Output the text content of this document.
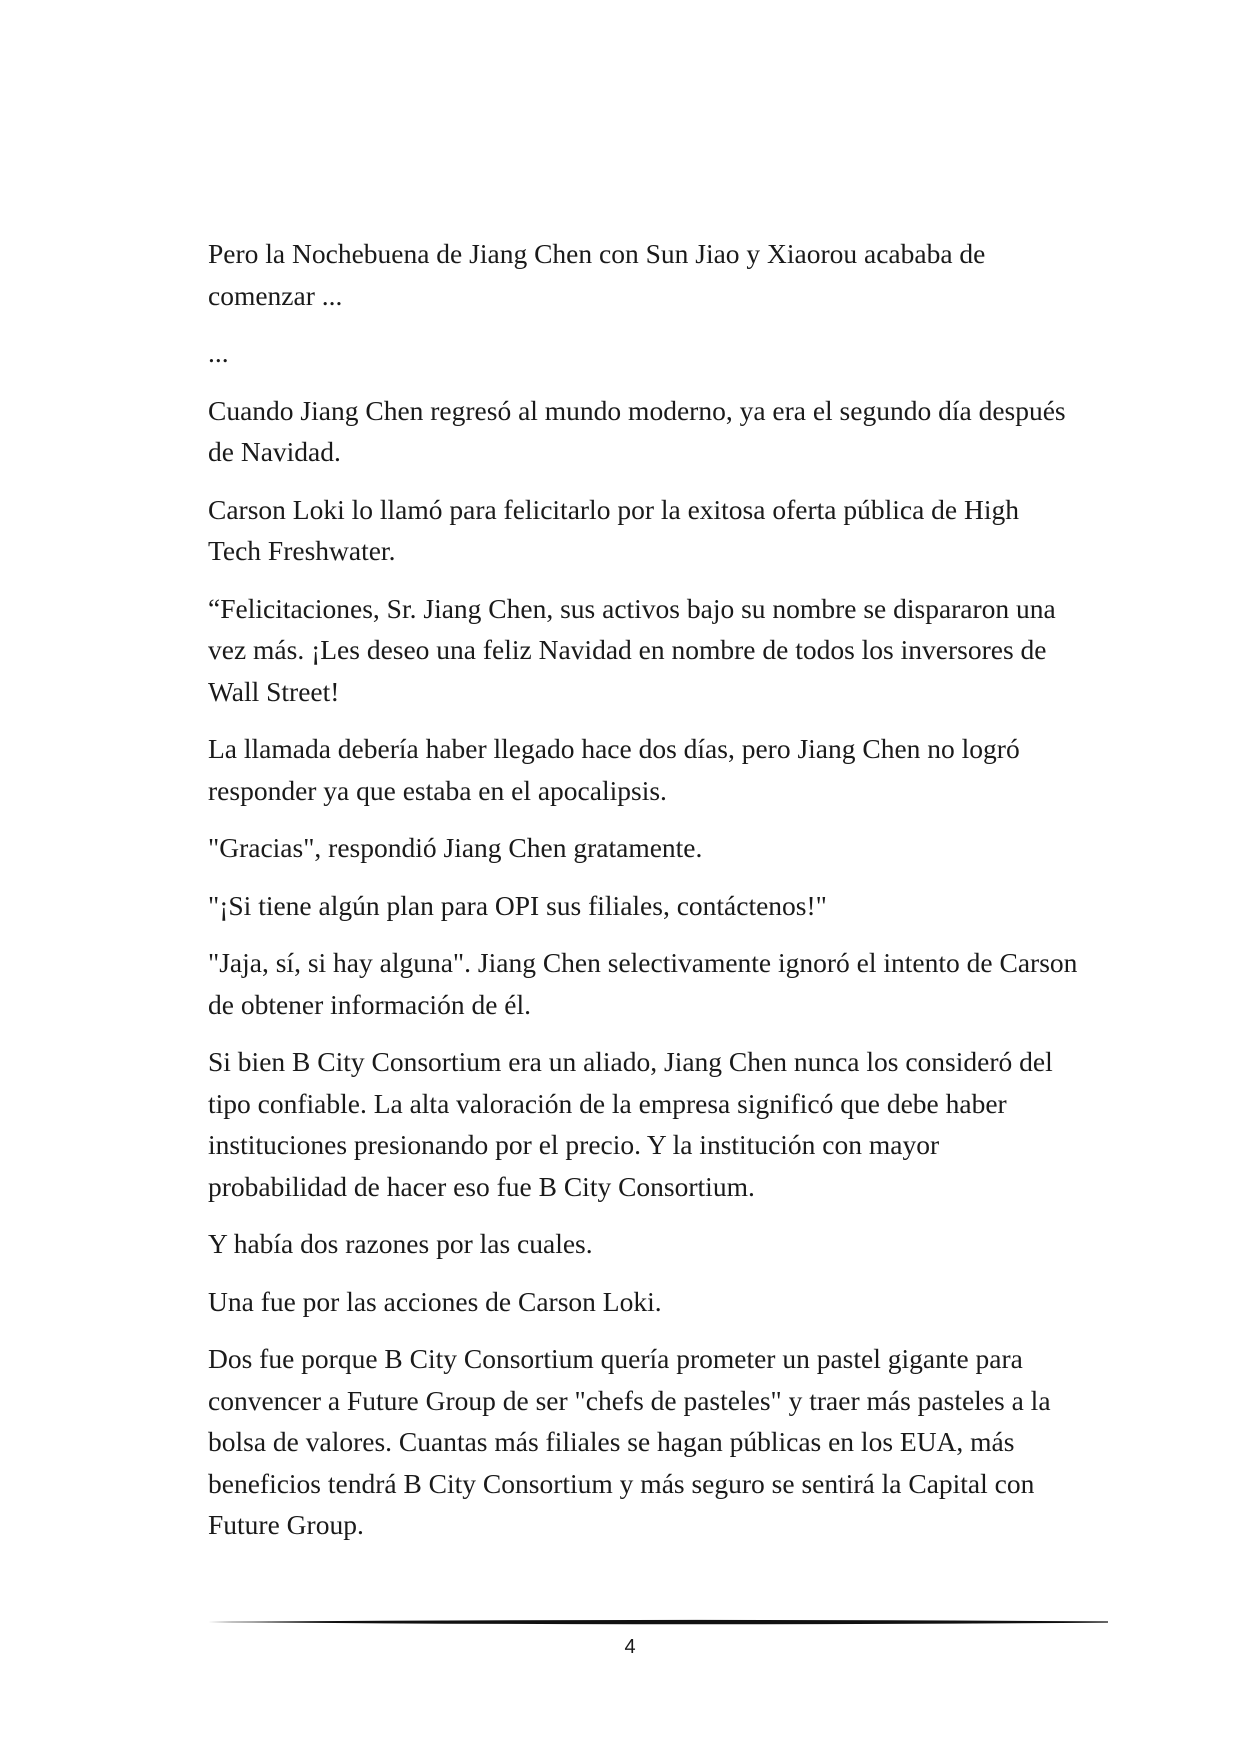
Pero la Nochebuena de Jiang Chen con Sun Jiao y Xiaorou acababa de comenzar ...

...

Cuando Jiang Chen regresó al mundo moderno, ya era el segundo día después de Navidad.

Carson Loki lo llamó para felicitarlo por la exitosa oferta pública de High Tech Freshwater.

“Felicitaciones, Sr. Jiang Chen, sus activos bajo su nombre se dispararon una vez más. ¡Les deseo una feliz Navidad en nombre de todos los inversores de Wall Street!

La llamada debería haber llegado hace dos días, pero Jiang Chen no logró responder ya que estaba en el apocalipsis.

"Gracias", respondió Jiang Chen gratamente.

"¡Si tiene algún plan para OPI sus filiales, contáctenos!"

"Jaja, sí, si hay alguna". Jiang Chen selectivamente ignoró el intento de Carson de obtener información de él.

Si bien B City Consortium era un aliado, Jiang Chen nunca los consideró del tipo confiable. La alta valoración de la empresa significó que debe haber instituciones presionando por el precio. Y la institución con mayor probabilidad de hacer eso fue B City Consortium.

Y había dos razones por las cuales.

Una fue por las acciones de Carson Loki.

Dos fue porque B City Consortium quería prometer un pastel gigante para convencer a Future Group de ser "chefs de pasteles" y traer más pasteles a la bolsa de valores. Cuantas más filiales se hagan públicas en los EUA, más beneficios tendrá B City Consortium y más seguro se sentirá la Capital con Future Group.

4
